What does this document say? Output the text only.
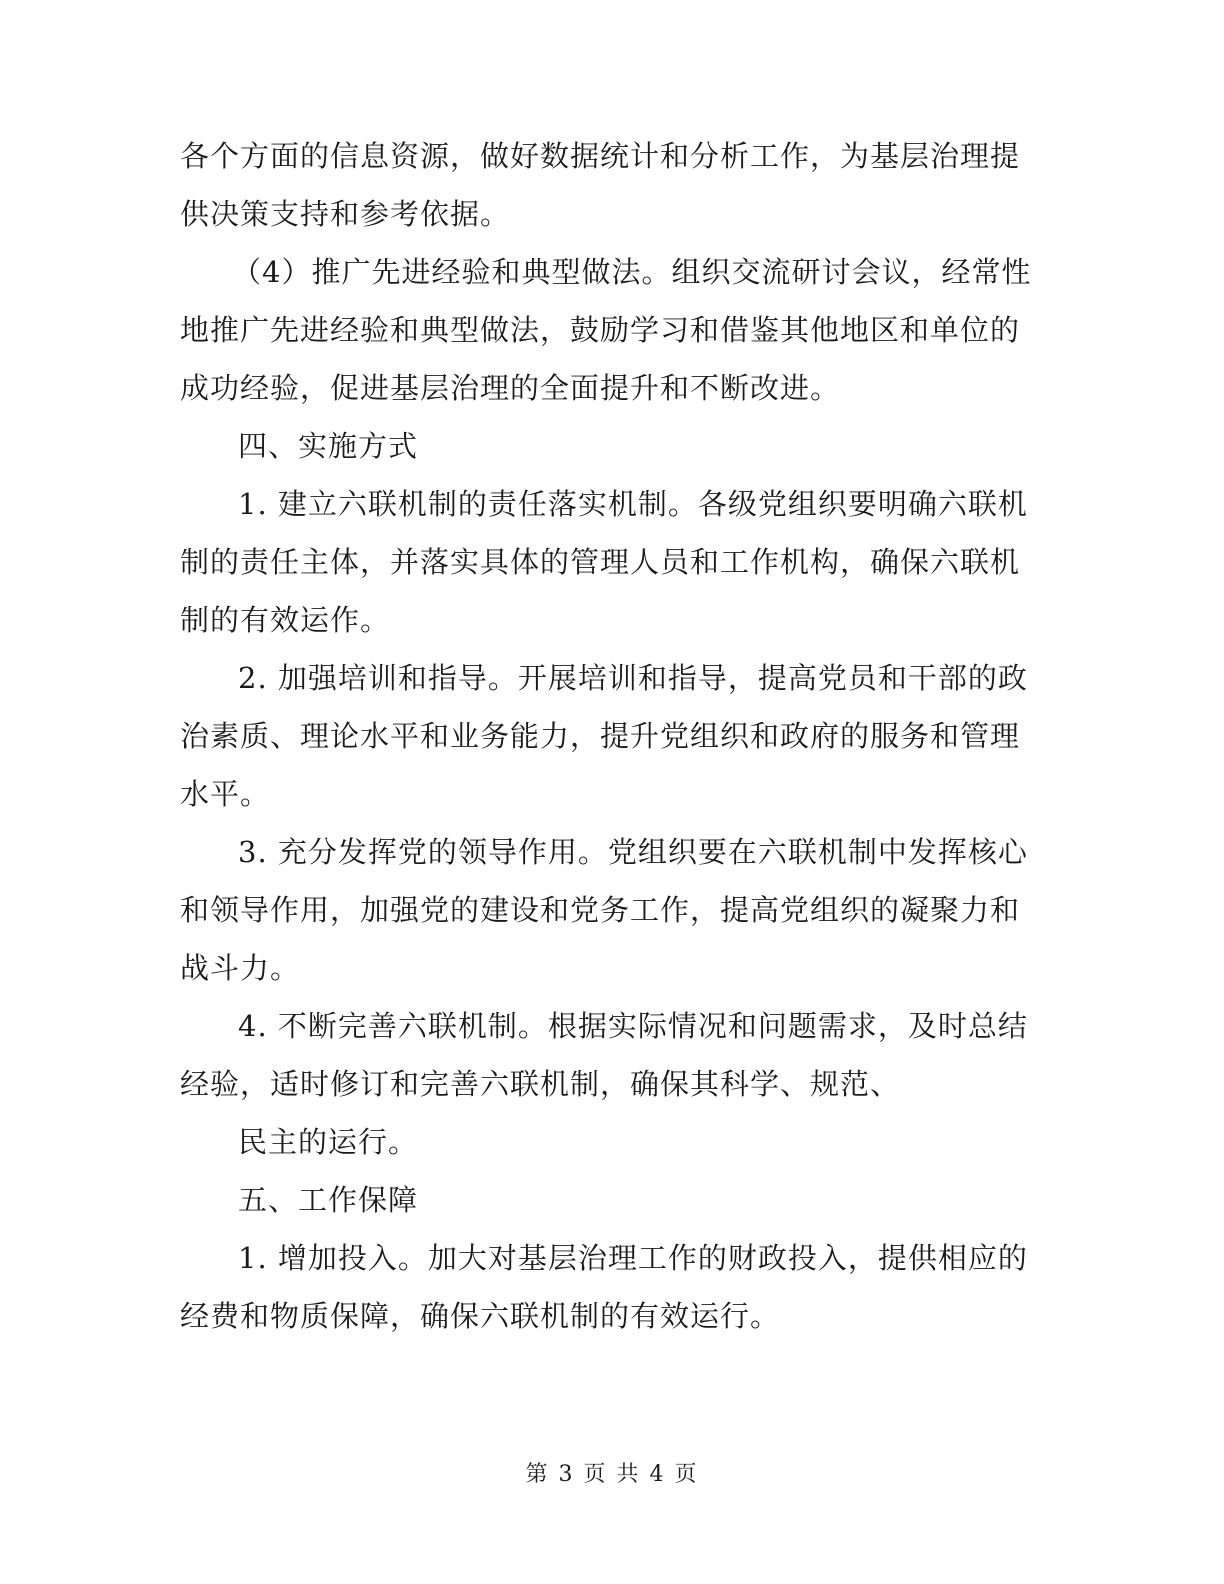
各个方面的信息资源，做好数据统计和分析工作，为基层治理提
供决策支持和参考依据。
（4）推广先进经验和典型做法。组织交流研讨会议，经常性
地推广先进经验和典型做法，鼓励学习和借鉴其他地区和单位的
成功经验，促进基层治理的全面提升和不断改进。
四、实施方式
1. 建立六联机制的责任落实机制。各级党组织要明确六联机
制的责任主体，并落实具体的管理人员和工作机构，确保六联机
制的有效运作。
2. 加强培训和指导。开展培训和指导，提高党员和干部的政
治素质、理论水平和业务能力，提升党组织和政府的服务和管理
水平。
3. 充分发挥党的领导作用。党组织要在六联机制中发挥核心
和领导作用，加强党的建设和党务工作，提高党组织的凝聚力和
战斗力。
4. 不断完善六联机制。根据实际情况和问题需求，及时总结
经验，适时修订和完善六联机制，确保其科学、规范、
民主的运行。
五、工作保障
1. 增加投入。加大对基层治理工作的财政投入，提供相应的
经费和物质保障，确保六联机制的有效运行。
第 3 页 共 4 页
